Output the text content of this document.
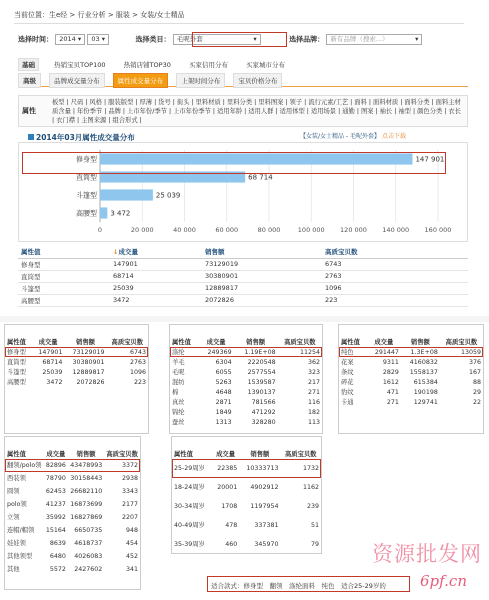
当前位置：生e经 > 行业分析 > 服装 > 女装/女士精品
选择时间： 2014 ▾ 03 ▾	选择类目： 毛呢外套	▾	选择品牌： 新有品牌（搜索...）	▾
基础	热销宝贝TOP100	热销店铺TOP30	买家信用分布	买家城市分布
高级	品牌成交量分布	属性成交量分布	上架时间分布	宝贝价格分布
属性
板型 | 尺码 | 风格 | 服装版型 | 厚薄 | 货号 | 街头 | 里料材质 | 里料分类 | 里料图案 | 领子 | 流行元素/工艺 | 面料 | 面料材质 | 面料分类 | 面料主材质含量 | 年份季节 | 品牌 | 上市年份/季节 | 上市年份季节 | 适用年龄 | 适用人群 | 适用体型 | 适用场景 | 通勤 | 图案 | 袖长 | 袖型 | 颜色分类 | 衣长 | 衣门襟 | 主图来源 | 组合形式 |
2014年03月属性成交量分布	【女装/女士精品 - 毛呢外套】 点击下载
0	20 000	40 000	60 000	80 000	100 000 120 000 140 000 160 000
修身型	147 901
直筒型	68 714
斗篷型	25 039
高腰型 3 472
属性值	↓成交量	销售额	高质宝贝数
修身型	147901	73129019	6743
直筒型	68714	30380901	2763
斗篷型	25039	12889817	1096
高腰型	3472	2072826	223
属性值	成交量	销售额	高质宝贝数
修身型	147901	73129019	6743
直筒型	68714	30380901	2763
斗篷型	25039	12889817	1096
高腰型	3472	2072826	223
属性值	成交量	销售额	高质宝贝数
涤纶	249369	1.19E+08	11254
羊毛	6304	2220548	362
毛呢	6055	2577554	323
混纺	5263	1539587	217
棉	4648	1390137	271
真丝	2871	781566	116
锦纶	1849	471292	182
蚕丝	1313	328280	113
属性值	成交量	销售额	高质宝贝数
纯色	291447	1.3E+08	13059
花案	9311	4160832	376
条纹	2829	1558137	167
碎花	1612	615384	88
豹纹	471	190198	29
卡通	271	129741	22
属性值	成交量	销售额	高质宝贝数
翻领/polo领	82896	43478993	3372
西装领	78790	30158443	2938
圆领	62453	26682110	3343
polo领	41237	16873699	2177
立领	35992	16827869	2207
连帽/帽领	15164	6650735	948
娃娃领	8639	4618737	454
其他领型	6480	4026083	452
其他	5572	2427602	341
属性值	成交量	销售额	高质宝贝数
25-29周岁	22385	10333713	1732
18-24周岁	20001	4902912	1162
30-34周岁	1708	1197954	239
40-49周岁	478	337381	51
35-39周岁	460	345970	79
适合款式：修身型　翻领　涤纶面料　纯色　适合25-29岁的
资源批发网
6pf.cn
